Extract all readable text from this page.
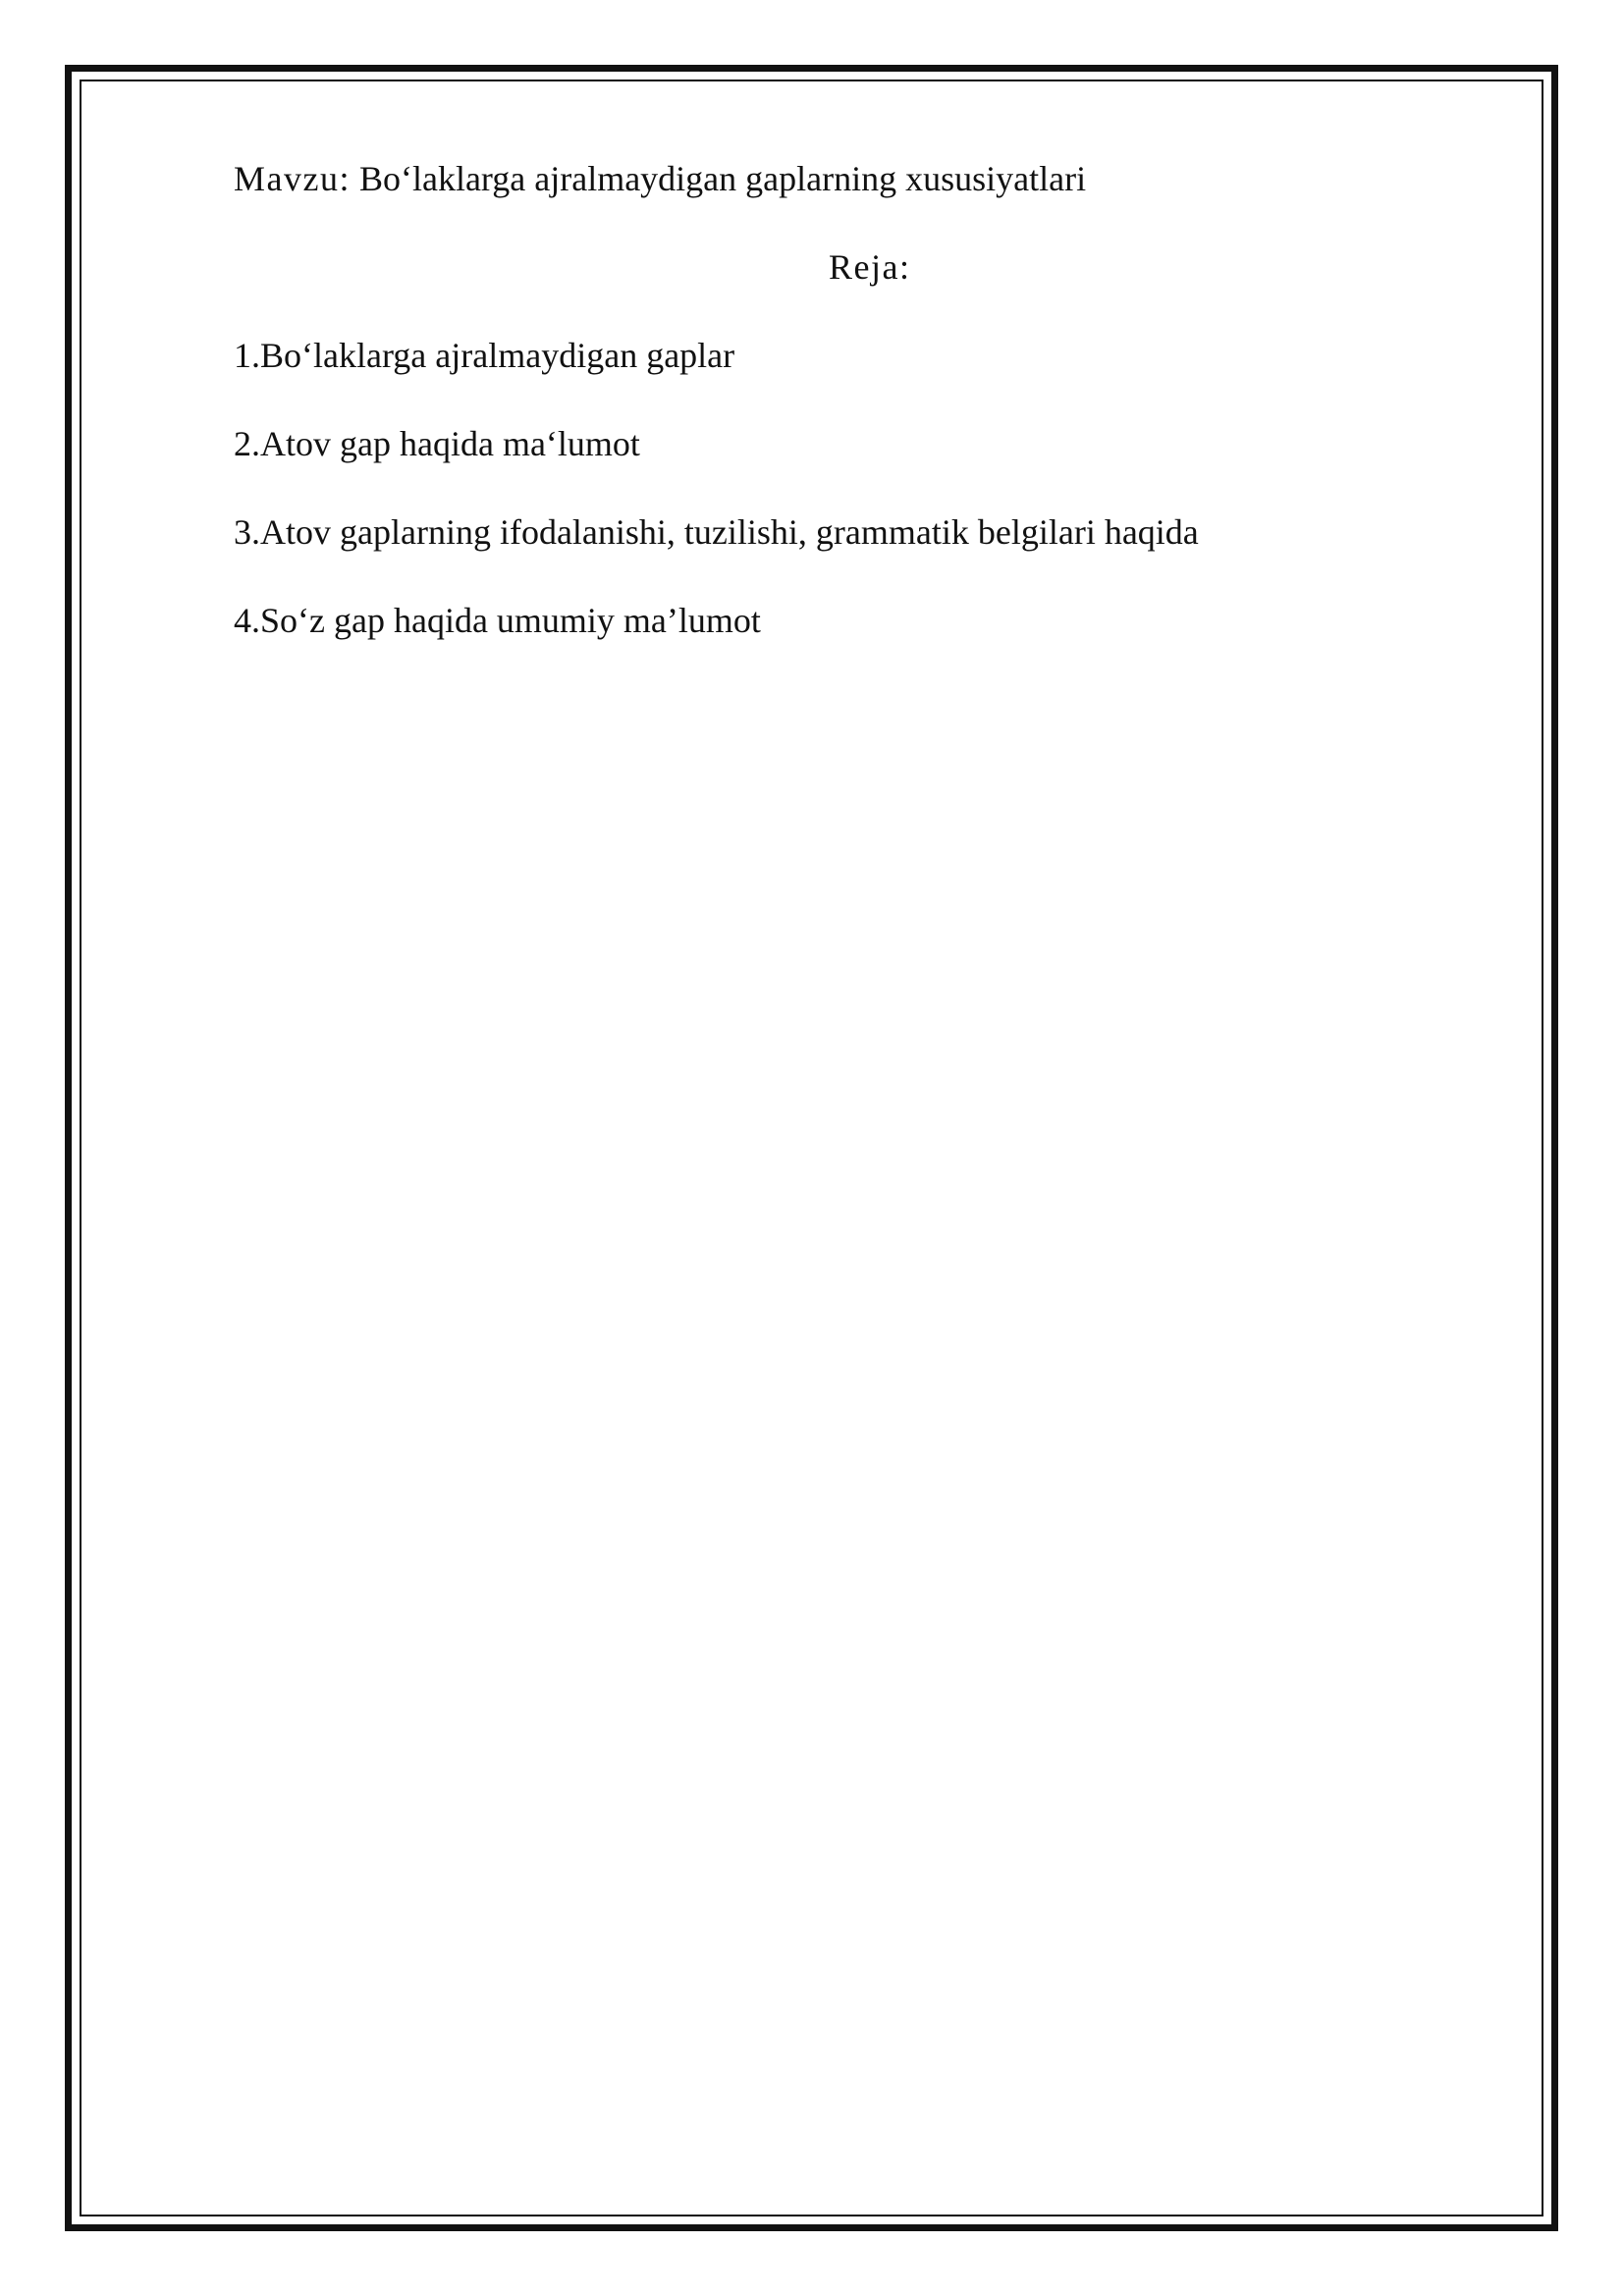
Mavzu: Bo‘laklarga ajralmaydigan gaplarning xususiyatlari

Reja:

1.Bo‘laklarga ajralmaydigan gaplar
2.Atov gap haqida ma‘lumot
3.Atov gaplarning ifodalanishi, tuzilishi, grammatik belgilari haqida
4.So‘z gap haqida umumiy ma’lumot
